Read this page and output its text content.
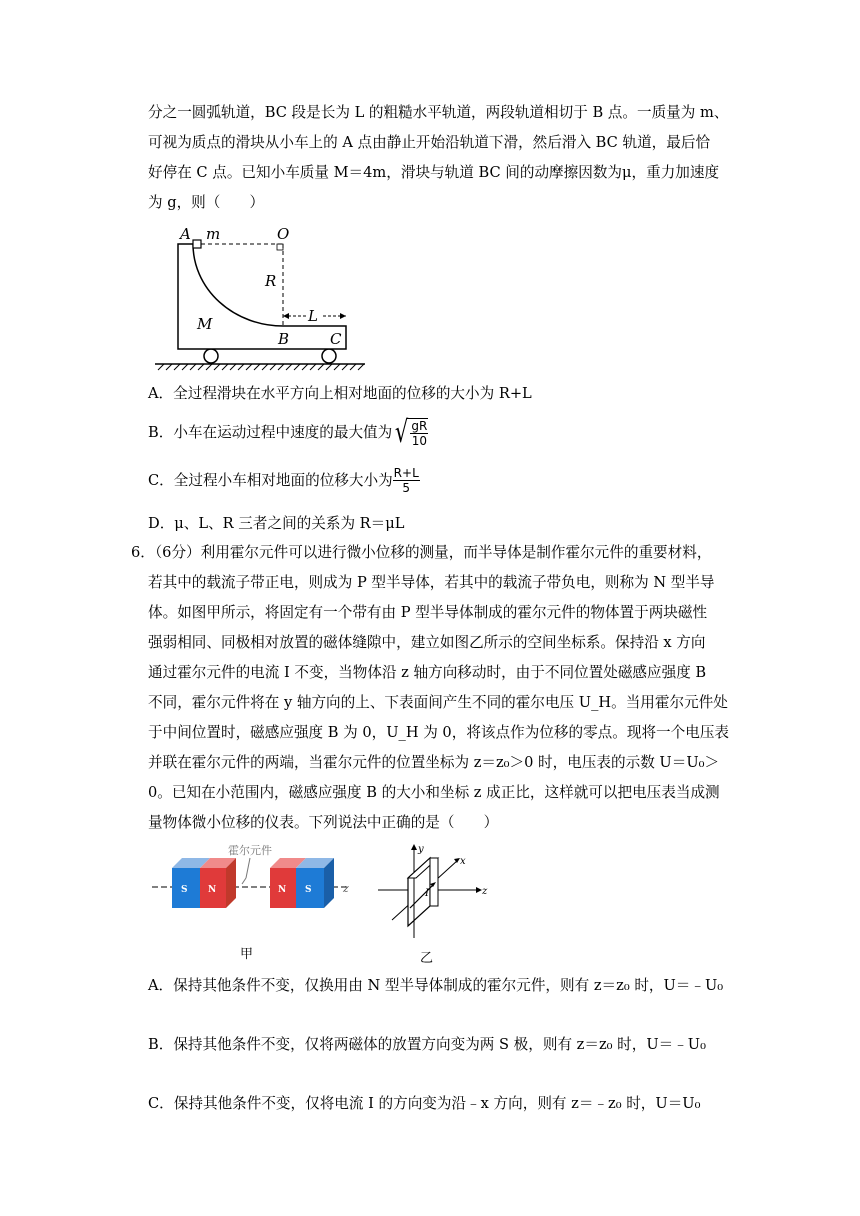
分之一圆弧轨道，BC 段是长为 L 的粗糙水平轨道，两段轨道相切于 B 点。一质量为 m、
可视为质点的滑块从小车上的 A 点由静止开始沿轨道下滑，然后滑入 BC 轨道，最后恰
好停在 C 点。已知小车质量 M＝4m，滑块与轨道 BC 间的动摩擦因数为μ，重力加速度
为 g，则（　　）
A m	O
R
M	L
B	C
A．全过程滑块在水平方向上相对地面的位移的大小为 R+L
B．小车在运动过程中速度的最大值为 √ $\frac{gR}{10}$
C．全过程小车相对地面的位移大小为 $\frac{R+L}{5}$
D．μ、L、R 三者之间的关系为 R＝μL
6．（6分）利用霍尔元件可以进行微小位移的测量，而半导体是制作霍尔元件的重要材料，
若其中的载流子带正电，则成为 P 型半导体，若其中的载流子带负电，则称为 N 型半导
体。如图甲所示，将固定有一个带有由 P 型半导体制成的霍尔元件的物体置于两块磁性
强弱相同、同极相对放置的磁体缝隙中，建立如图乙所示的空间坐标系。保持沿 x 方向
通过霍尔元件的电流 I 不变，当物体沿 z 轴方向移动时，由于不同位置处磁感应强度 B
不同，霍尔元件将在 y 轴方向的上、下表面间产生不同的霍尔电压 U_H。当用霍尔元件处
于中间位置时，磁感应强度 B 为 0，U_H 为 0，将该点作为位移的零点。现将一个电压表
并联在霍尔元件的两端，当霍尔元件的位置坐标为 z＝z₀＞0 时，电压表的示数 U＝U₀＞
0。已知在小范围内，磁感应强度 B 的大小和坐标 z 成正比，这样就可以把电压表当成测
量物体微小位移的仪表。下列说法中正确的是（　　）
z
S N	N S
霍尔元件
甲
z
y
x
I
乙
A．保持其他条件不变，仅换用由 N 型半导体制成的霍尔元件，则有 z＝z₀ 时，U＝﹣U₀
B．保持其他条件不变，仅将两磁体的放置方向变为两 S 极，则有 z＝z₀ 时，U＝﹣U₀
C．保持其他条件不变，仅将电流 I 的方向变为沿﹣x 方向，则有 z＝﹣z₀ 时，U＝U₀
